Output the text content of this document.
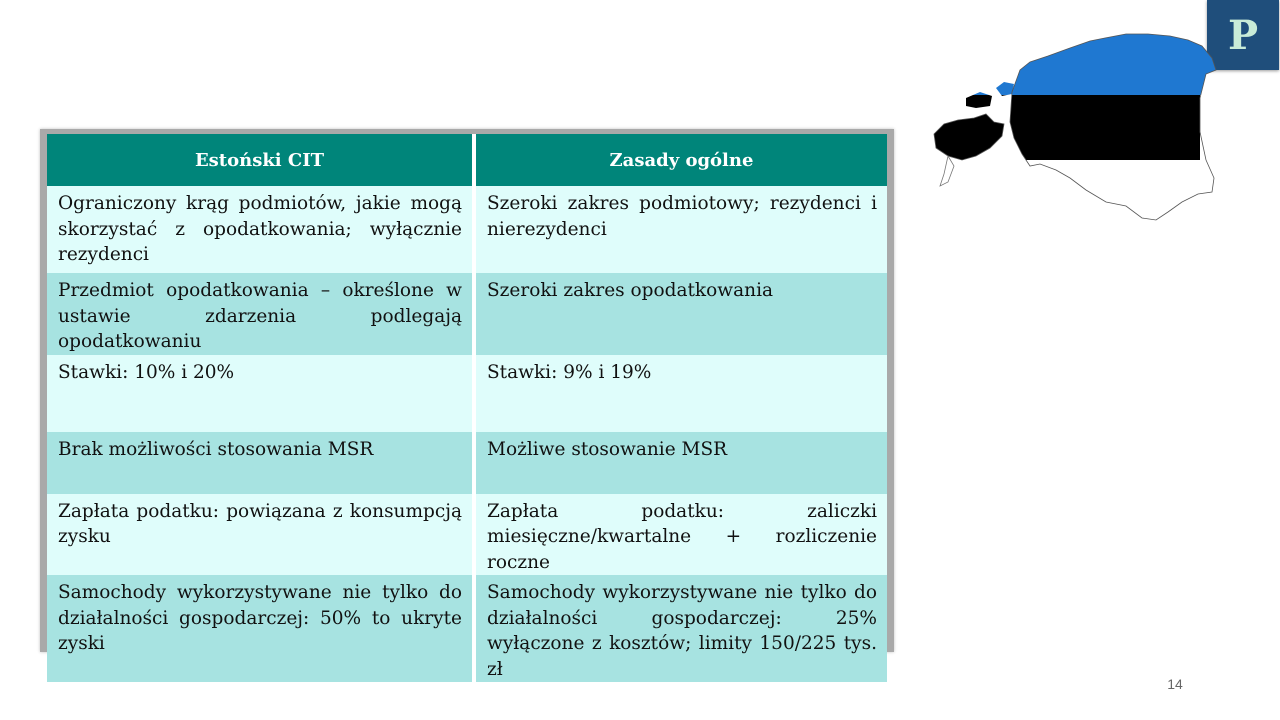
P
Estoński CIT	Zasady ogólne
Ograniczony krąg podmiotów, jakie mogą skorzystać z opodatkowania; wyłącznie rezydenci	Szeroki zakres podmiotowy; rezydenci i nierezydenci
Przedmiot opodatkowania – określone w ustawie zdarzenia podlegają opodatkowaniu	Szeroki zakres opodatkowania
Stawki: 10% i 20%	Stawki: 9% i 19%
Brak możliwości stosowania MSR	Możliwe stosowanie MSR
Zapłata podatku: powiązana z konsumpcją zysku	Zapłata podatku: zaliczki miesięczne/kwartalne + rozliczenie roczne
Samochody wykorzystywane nie tylko do działalności gospodarczej: 50% to ukryte zyski	Samochody wykorzystywane nie tylko do działalności gospodarczej: 25% wyłączone z kosztów; limity 150/225 tys. zł
14
